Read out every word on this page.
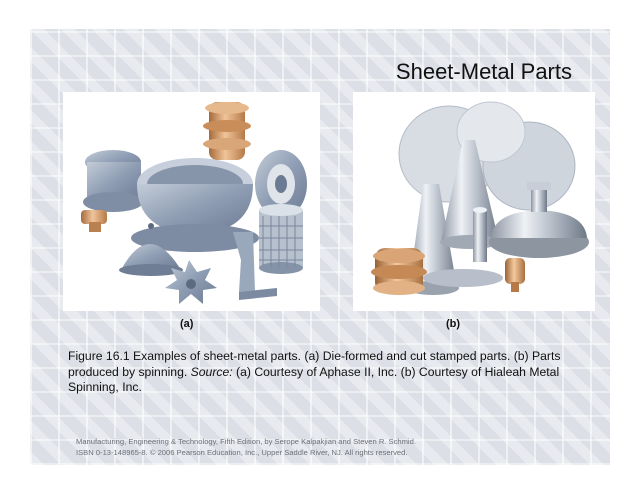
Sheet-Metal Parts
(a)	(b)
Figure 16.1 Examples of sheet-metal parts. (a) Die-formed and cut stamped parts. (b) Parts produced by spinning. Source: (a) Courtesy of Aphase II, Inc. (b) Courtesy of Hialeah Metal Spinning, Inc.
Manufacturing, Engineering & Technology, Fifth Edition, by Serope Kalpakjian and Steven R. Schmid.
ISBN 0-13-148965-8. © 2006 Pearson Education, Inc., Upper Saddle River, NJ. All rights reserved.
